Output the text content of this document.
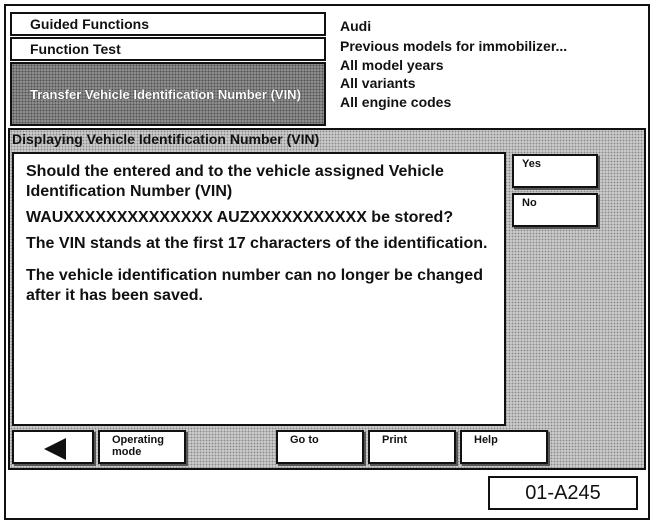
Guided Functions
Function Test
Transfer Vehicle Identification Number (VIN)
Audi
Previous models for immobilizer...
All model years
All variants
All engine codes
Displaying Vehicle Identification Number (VIN)

Should the entered and to the vehicle assigned Vehicle Identification Number (VIN)

WAUXXXXXXXXXXXXXX AUZXXXXXXXXXXX be stored?

The VIN stands at the first 17 characters of the identification.

The vehicle identification number can no longer be changed after it has been saved.

Yes
No
Operating mode
Go to	Print	Help
01-A245
